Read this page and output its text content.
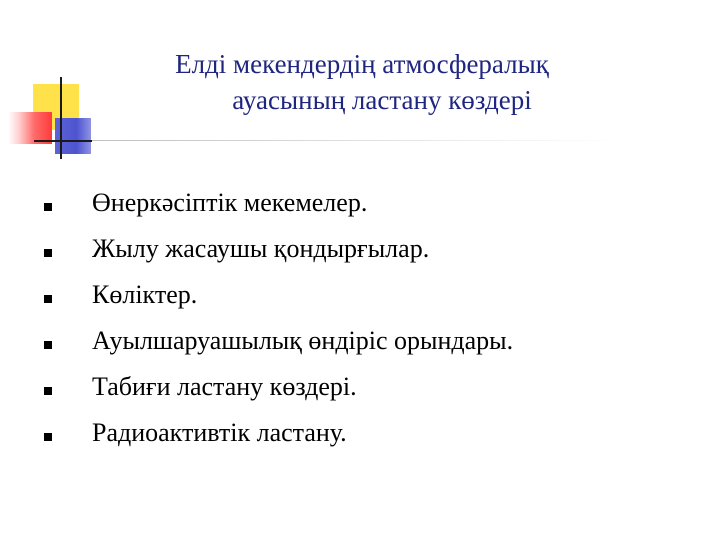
Елді мекендердің атмосфералық
ауасының ластану көздері
Өнеркәсіптік мекемелер.
Жылу жасаушы қондырғылар.
Көліктер.
Ауылшаруашылық өндіріс орындары.
Табиғи ластану көздері.
Радиоактивтік ластану.
